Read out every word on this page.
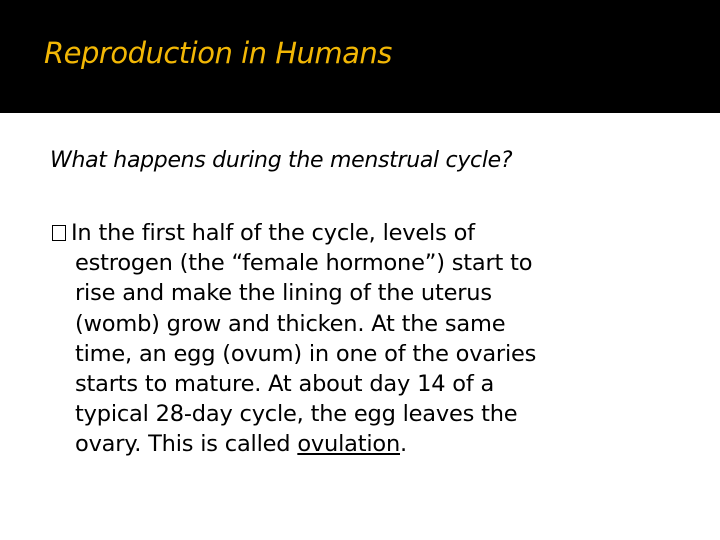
Reproduction in Humans

What happens during the menstrual cycle?

In the first half of the cycle, levels of
estrogen (the “female hormone”) start to
rise and make the lining of the uterus
(womb) grow and thicken. At the same
time, an egg (ovum) in one of the ovaries
starts to mature. At about day 14 of a
typical 28-day cycle, the egg leaves the
ovary. This is called ovulation.
